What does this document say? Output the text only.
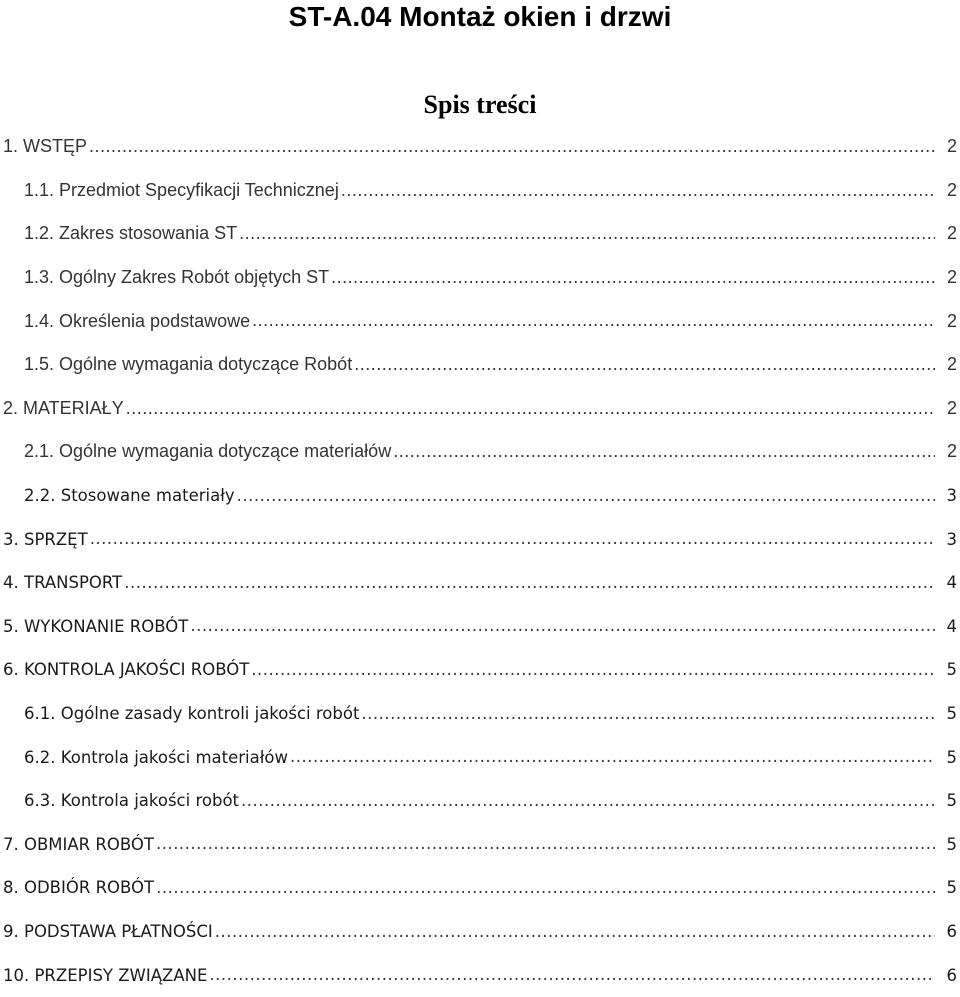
ST-A.04 Montaż okien i drzwi
Spis treści
1. WSTĘP .....	2
1.1. Przedmiot Specyfikacji Technicznej .....	2
1.2. Zakres stosowania ST .....	2
1.3. Ogólny Zakres Robót objętych ST .....	2
1.4. Określenia podstawowe .....	2
1.5. Ogólne wymagania dotyczące Robót .....	2
2. MATERIAŁY .....	2
2.1. Ogólne wymagania dotyczące materiałów .....	2
2.2. Stosowane materiały .....	3
3. SPRZĘT .....	3
4. TRANSPORT .....	4
5. WYKONANIE ROBÓT .....	4
6. KONTROLA JAKOŚCI ROBÓT .....	5
6.1. Ogólne zasady kontroli jakości robót .....	5
6.2. Kontrola jakości materiałów .....	5
6.3. Kontrola jakości robót .....	5
7. OBMIAR ROBÓT .....	5
8. ODBIÓR ROBÓT .....	5
9. PODSTAWA PŁATNOŚCI .....	6
10. PRZEPISY ZWIĄZANE .....	6
